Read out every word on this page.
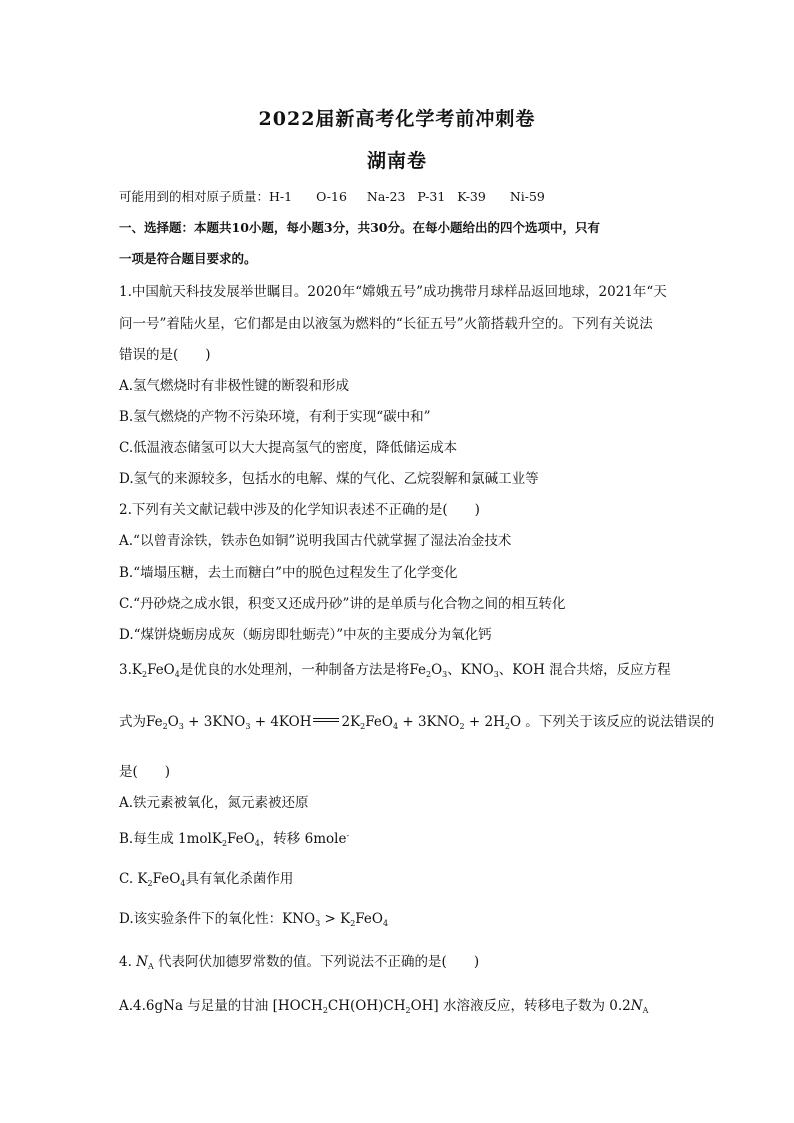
2022届新高考化学考前冲刺卷
湖南卷
可能用到的相对原子质量：H-1 O-16 Na-23 P-31 K-39 Ni-59
一、选择题：本题共10小题，每小题3分，共30分。在每小题给出的四个选项中，只有
一项是符合题目要求的。
1.中国航天科技发展举世瞩目。2020年“嫦娥五号”成功携带月球样品返回地球，2021年“天
问一号”着陆火星，它们都是由以液氢为燃料的“长征五号”火箭搭载升空的。下列有关说法
错误的是(　　)
A.氢气燃烧时有非极性键的断裂和形成
B.氢气燃烧的产物不污染环境，有利于实现“碳中和”
C.低温液态储氢可以大大提高氢气的密度，降低储运成本
D.氢气的来源较多，包括水的电解、煤的气化、乙烷裂解和氯碱工业等
2.下列有关文献记载中涉及的化学知识表述不正确的是(　　)
A.“以曾青涂铁，铁赤色如铜”说明我国古代就掌握了湿法冶金技术
B.“墙塌压糖，去土而糖白”中的脱色过程发生了化学变化
C.“丹砂烧之成水银，积变又还成丹砂”讲的是单质与化合物之间的相互转化
D.“煤饼烧蛎房成灰（蛎房即牡蛎壳）”中灰的主要成分为氧化钙
$3.K_2FeO_4$是优良的水处理剂，一种制备方法是将$Fe_2O_3$、$KNO_3$、KOH 混合共熔，反应方程
式为$Fe_2O_3 + 3KNO_3 + 4KOH$ $2K_2FeO_4 + 3KNO_2 + 2H_2O$ 。下列关于该反应的说法错误的
是(　　)
A.铁元素被氧化，氮元素被还原
B.每生成 1molK$_2$FeO$_4$，转移 6mole-
C. $K_2FeO_4$具有氧化杀菌作用
D.该实验条件下的氧化性：$KNO_3 > K_2FeO_4$
4. $N_A$ 代表阿伏加德罗常数的值。下列说法不正确的是(　　)
A.4.6gNa 与足量的甘油 $[HOCH_2CH(OH)CH_2OH]$ 水溶液反应，转移电子数为 $0.2N_A$
